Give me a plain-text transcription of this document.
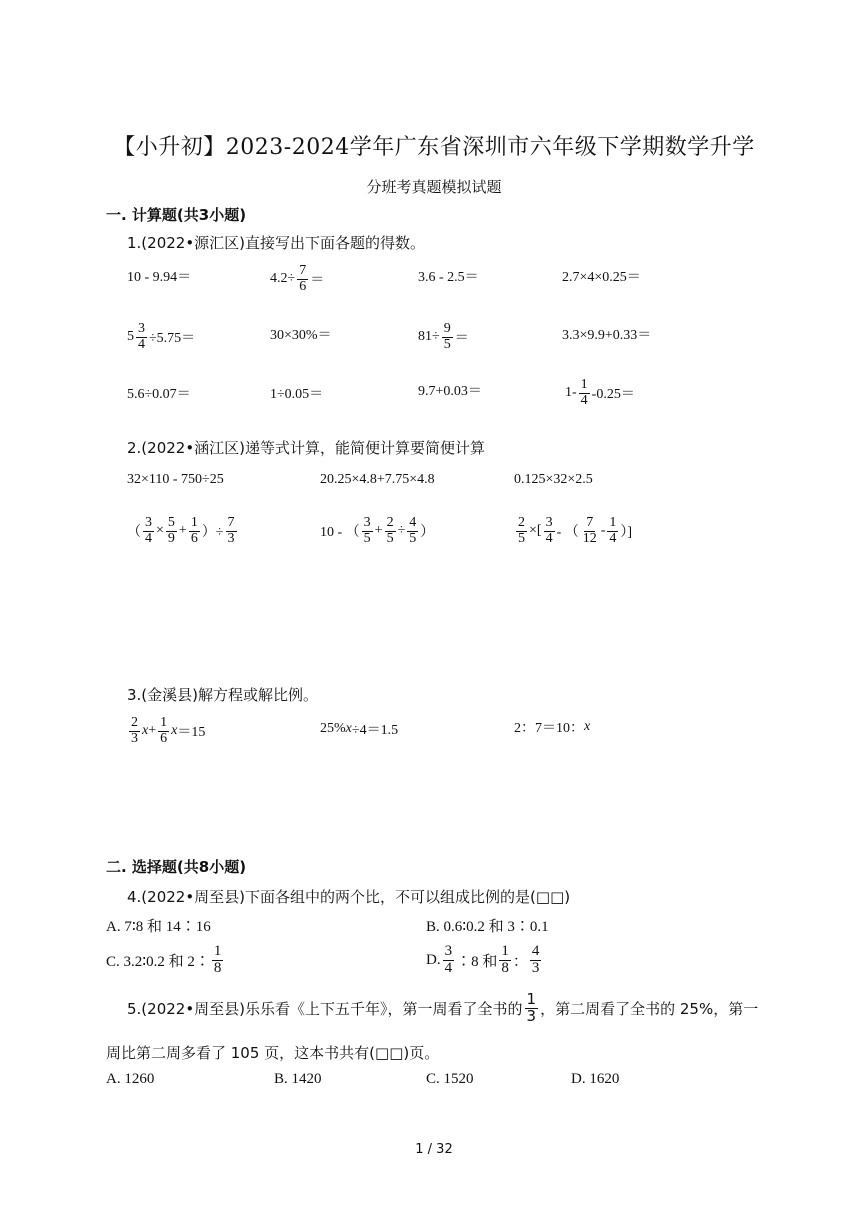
【小升初】2023-2024学年广东省深圳市六年级下学期数学升学
分班考真题模拟试题
一. 计算题(共3小题)
1.(2022•源汇区)直接写出下面各题的得数。
10 - 9.94＝	$4.2\div \frac{7}{6}$ ＝	3.6 - 2.5＝	2.7×4×0.25＝
$5 \frac{3}{4} \div 5.75=$	30×30%＝	$81\div \frac{9}{5}$ ＝	3.3×9.9+0.33＝
5.6÷0.07＝	1÷0.05＝	9.7+0.03＝	$1- \frac{1}{4} -0.25=$
2.(2022•涵江区)递等式计算，能简便计算要简便计算
32×110 - 750÷25	20.25×4.8+7.75×4.8	0.125×32×2.5
（ $\frac{3}{4} \times \frac{5}{9} + \frac{1}{6}$ ）÷ $\frac{7}{3}$	10 - （ $\frac{3}{5} + \frac{2}{5} \div \frac{4}{5}$ ）	$\frac{2}{5}$ ×[ $\frac{3}{4}$ - （ $\frac{7}{12} - \frac{1}{4}$ ）]
3.(金溪县)解方程或解比例。
$\frac{2}{3}$ $x + \frac{1}{6}$ x ＝15	25% x ÷4＝1.5	2：7＝10： x
二. 选择题(共8小题)
4.(2022•周至县)下面各组中的两个比，不可以组成比例的是(□□)
A. 7∶8 和 14∶16	B. 0.6∶0.2 和 3∶0.1
C. 3.2∶0.2 和 2∶ $\frac{1}{8}$	D. $\frac{3}{4}$ ∶8 和 $\frac{1}{8}$ ： $\frac{4}{3}$
5.(2022•周至县)乐乐看《上下五千年》，第一周看了全书的 $\frac{1}{3}$ ，第二周看了全书的 25%，第一
周比第二周多看了 105 页，这本书共有(□□)页。
A. 1260	B. 1420	C. 1520	D. 1620
1 / 32
